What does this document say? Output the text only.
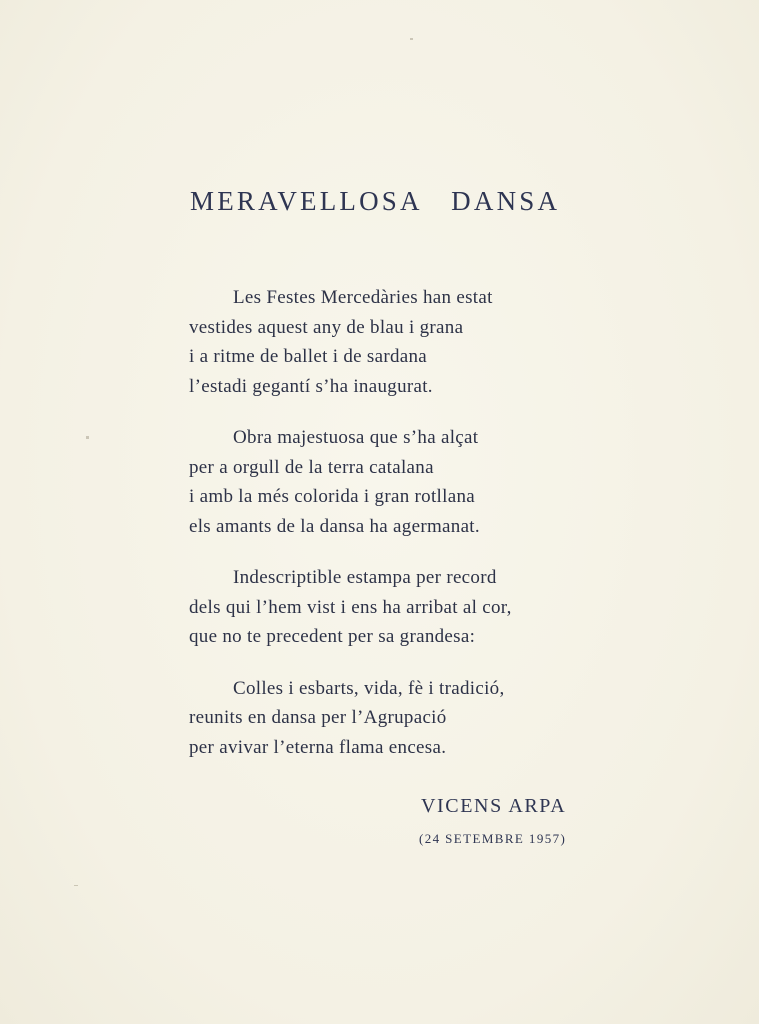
MERAVELLOSA DANSA
Les Festes Mercedàries han estat
vestides aquest any de blau i grana
i a ritme de ballet i de sardana
l’estadi gegantí s’ha inaugurat.
Obra majestuosa que s’ha alçat
per a orgull de la terra catalana
i amb la més colorida i gran rotllana
els amants de la dansa ha agermanat.
Indescriptible estampa per record
dels qui l’hem vist i ens ha arribat al cor,
que no te precedent per sa grandesa:
Colles i esbarts, vida, fè i tradició,
reunits en dansa per l’Agrupació
per avivar l’eterna flama encesa.
VICENS ARPA
(24 SETEMBRE 1957)
